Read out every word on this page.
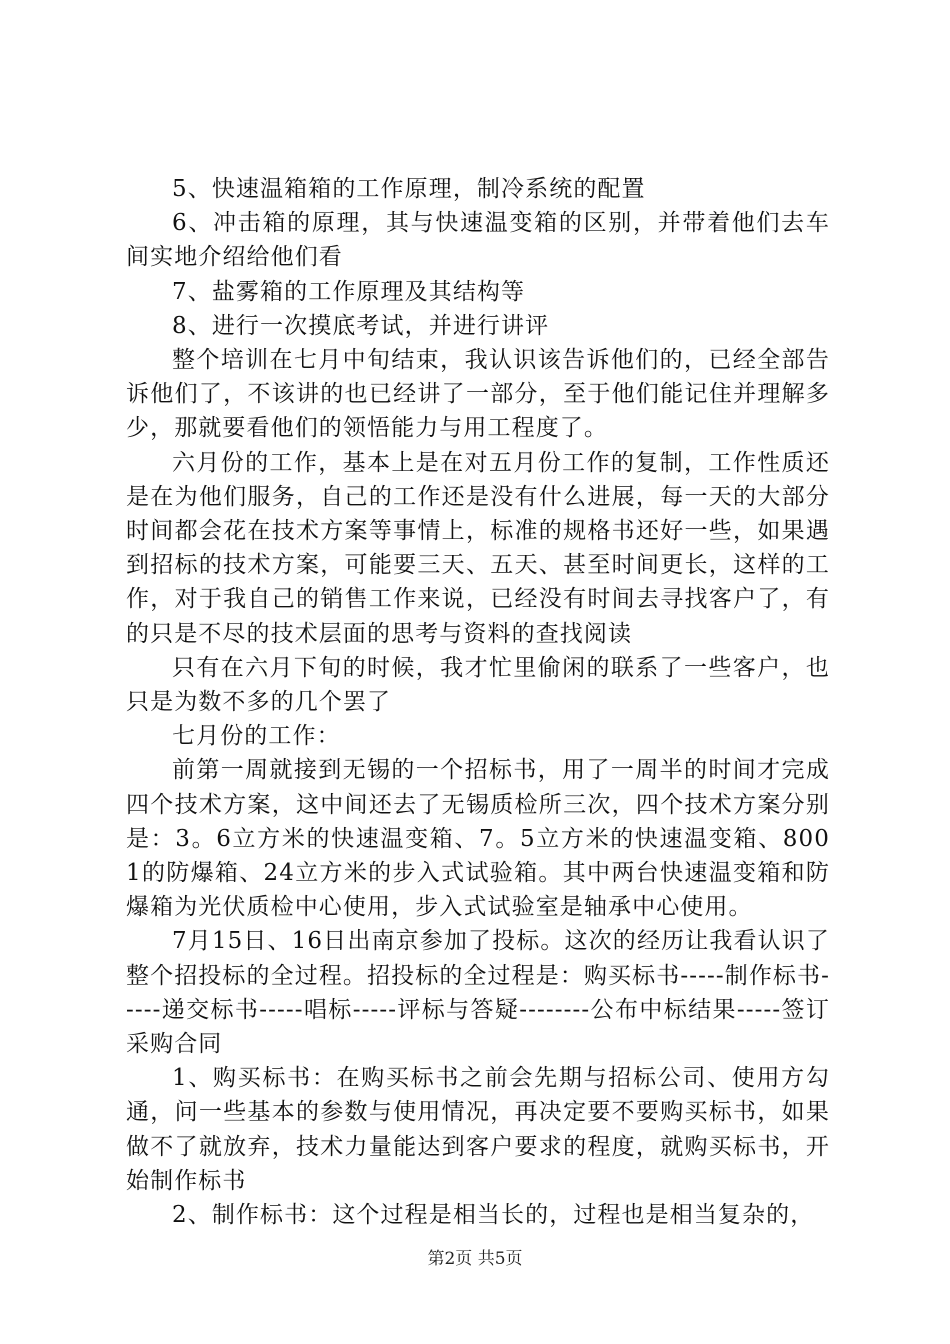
5、快速温箱箱的工作原理，制冷系统的配置

6、冲击箱的原理，其与快速温变箱的区别，并带着他们去车间实地介绍给他们看

7、盐雾箱的工作原理及其结构等

8、进行一次摸底考试，并进行讲评

整个培训在七月中旬结束，我认识该告诉他们的，已经全部告诉他们了，不该讲的也已经讲了一部分，至于他们能记住并理解多少，那就要看他们的领悟能力与用工程度了。

六月份的工作，基本上是在对五月份工作的复制，工作性质还是在为他们服务，自己的工作还是没有什么进展，每一天的大部分时间都会花在技术方案等事情上，标准的规格书还好一些，如果遇到招标的技术方案，可能要三天、五天、甚至时间更长，这样的工作，对于我自己的销售工作来说，已经没有时间去寻找客户了，有的只是不尽的技术层面的思考与资料的查找阅读

只有在六月下旬的时候，我才忙里偷闲的联系了一些客户，也只是为数不多的几个罢了

七月份的工作：

前第一周就接到无锡的一个招标书，用了一周半的时间才完成四个技术方案，这中间还去了无锡质检所三次，四个技术方案分别是：3。6立方米的快速温变箱、7。5立方米的快速温变箱、8001的防爆箱、24立方米的步入式试验箱。其中两台快速温变箱和防爆箱为光伏质检中心使用，步入式试验室是轴承中心使用。

7月15日、16日出南京参加了投标。这次的经历让我看认识了整个招投标的全过程。招投标的全过程是：购买标书-----制作标书-----递交标书-----唱标-----评标与答疑--------公布中标结果-----签订采购合同

1、购买标书：在购买标书之前会先期与招标公司、使用方勾通，问一些基本的参数与使用情况，再决定要不要购买标书，如果做不了就放弃，技术力量能达到客户要求的程度，就购买标书，开始制作标书

2、制作标书：这个过程是相当长的，过程也是相当复杂的，

第2页 共5页
